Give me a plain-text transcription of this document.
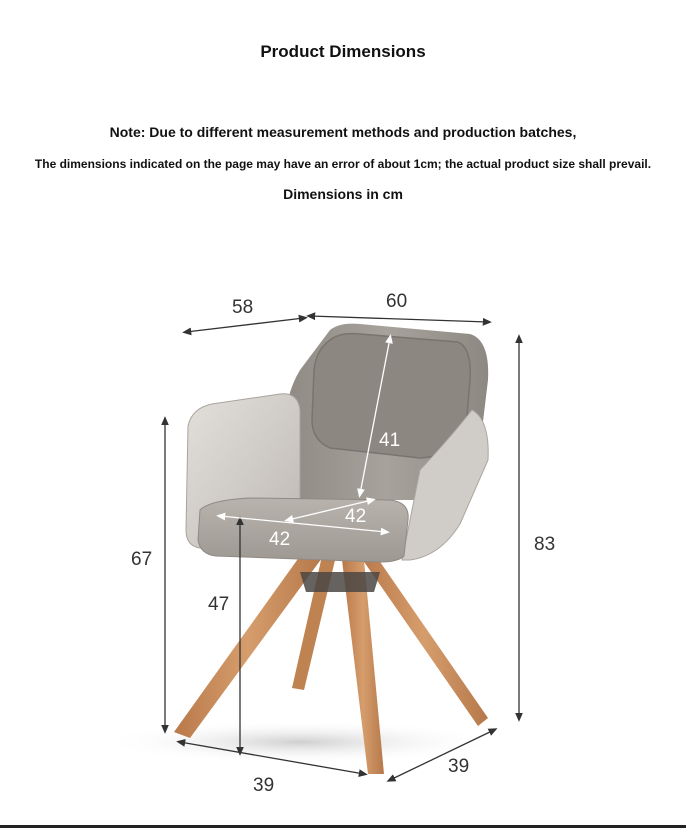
Product Dimensions
Note: Due to different measurement methods and production batches,
The dimensions indicated on the page may have an error of about 1cm; the actual product size shall prevail.
Dimensions in cm
58	60
83
67
47
41
42
42
39
39
